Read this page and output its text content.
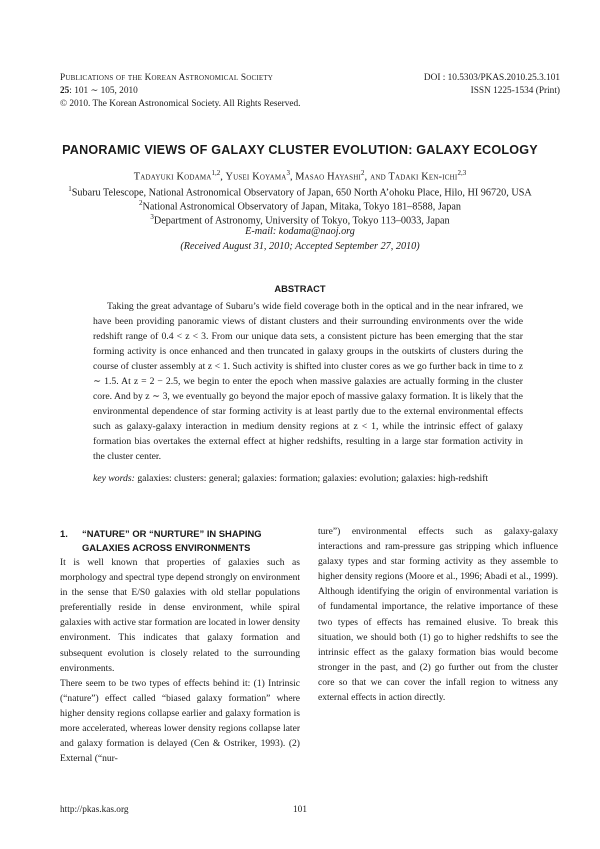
Publications of the Korean Astronomical Society
25: 101 ∼ 105, 2010
© 2010. The Korean Astronomical Society. All Rights Reserved.
DOI : 10.5303/PKAS.2010.25.3.101
ISSN 1225-1534 (Print)
PANORAMIC VIEWS OF GALAXY CLUSTER EVOLUTION: GALAXY ECOLOGY
Tadayuki Kodama$^{1,2}$, Yusei Koyama$^3$, Masao Hayashi$^2$, and Tadaki Ken-ichi$^{2,3}$
$^1$Subaru Telescope, National Astronomical Observatory of Japan, 650 North A’ohoku Place, Hilo, HI 96720, USA
$^2$National Astronomical Observatory of Japan, Mitaka, Tokyo 181–8588, Japan
$^3$Department of Astronomy, University of Tokyo, Tokyo 113–0033, Japan
E-mail: kodama@naoj.org
(Received August 31, 2010; Accepted September 27, 2010)
ABSTRACT

Taking the great advantage of Subaru’s wide field coverage both in the optical and in the near infrared, we have been providing panoramic views of distant clusters and their surrounding environments over the wide redshift range of 0.4 < z < 3. From our unique data sets, a consistent picture has been emerging that the star forming activity is once enhanced and then truncated in galaxy groups in the outskirts of clusters during the course of cluster assembly at z < 1. Such activity is shifted into cluster cores as we go further back in time to z ∼ 1.5. At z = 2 − 2.5, we begin to enter the epoch when massive galaxies are actually forming in the cluster core. And by z ∼ 3, we eventually go beyond the major epoch of massive galaxy formation. It is likely that the environmental dependence of star forming activity is at least partly due to the external environmental effects such as galaxy-galaxy interaction in medium density regions at z < 1, while the intrinsic effect of galaxy formation bias overtakes the external effect at higher redshifts, resulting in a large star formation activity in the cluster center.

key words: galaxies: clusters: general; galaxies: formation; galaxies: evolution; galaxies: high-redshift

1. “NATURE” OR “NURTURE” IN SHAPING
GALAXIES ACROSS ENVIRONMENTS

It is well known that properties of galaxies such as morphology and spectral type depend strongly on environment in the sense that E/S0 galaxies with old stellar populations preferentially reside in dense environment, while spiral galaxies with active star formation are located in lower density environment. This indicates that galaxy formation and subsequent evolution is closely related to the surrounding environments.

There seem to be two types of effects behind it: (1) Intrinsic (“nature”) effect called “biased galaxy formation” where higher density regions collapse earlier and galaxy formation is more accelerated, whereas lower density regions collapse later and galaxy formation is delayed (Cen & Ostriker, 1993). (2) External (“nur-

ture”) environmental effects such as galaxy-galaxy interactions and ram-pressure gas stripping which influence galaxy types and star forming activity as they assemble to higher density regions (Moore et al., 1996; Abadi et al., 1999). Although identifying the origin of environmental variation is of fundamental importance, the relative importance of these two types of effects has remained elusive. To break this situation, we should both (1) go to higher redshifts to see the intrinsic effect as the galaxy formation bias would become stronger in the past, and (2) go further out from the cluster core so that we can cover the infall region to witness any external effects in action directly.

http://pkas.kas.org	101
